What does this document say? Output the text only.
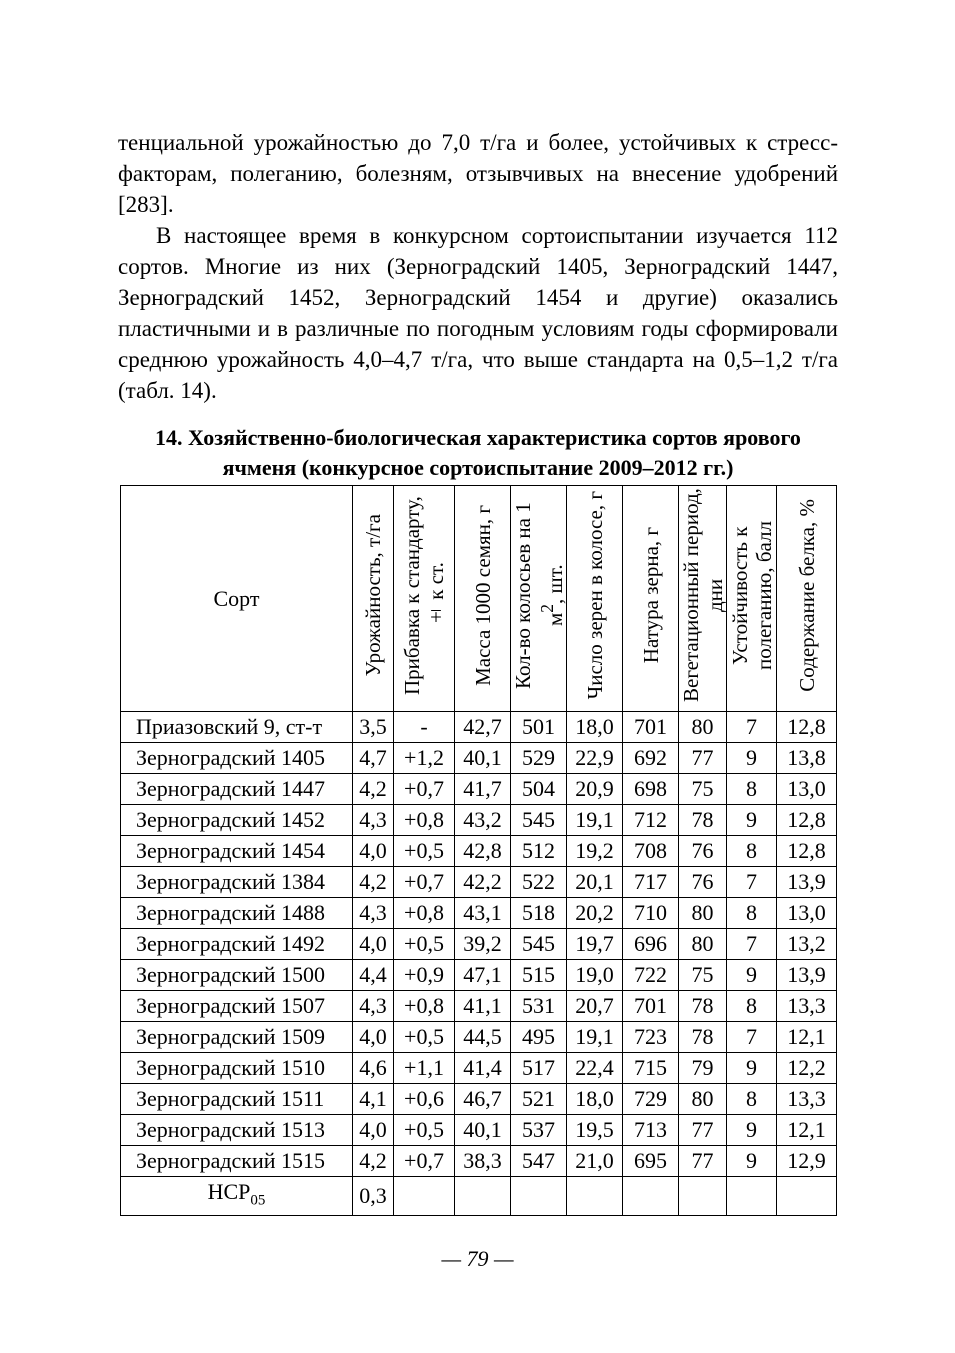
тенциальной урожайностью до 7,0 т/га и более, устойчивых к стресс-факторам, полеганию, болезням, отзывчивых на внесение удобрений [283].

В настоящее время в конкурсном сортоиспытании изучается 112 сортов. Многие из них (Зерноградский 1405, Зерноградский 1447, Зерноградский 1452, Зерноградский 1454 и другие) оказались пластичными и в различные по погодным условиям годы сформировали среднюю урожайность 4,0–4,7 т/га, что выше стандарта на 0,5–1,2 т/га (табл. 14).

14. Хозяйственно-биологическая характеристика сортов ярового
ячменя (конкурсное сортоиспытание 2009–2012 гг.)
Сорт	Урожайность, т/га	Прибавка к стандарту, ± к ст.	Масса 1000 семян, г	Кол-во колосьев на 1 $м^2$, шт.	Число зерен в колосе, г	Натура зерна, г	Вегетационный период, дни	Устойчивость к полеганию, балл	Содержание белка, %
Приазовский 9, ст-т	3,5	-	42,7	501	18,0	701	80	7	12,8
Зерноградский 1405	4,7	+1,2	40,1	529	22,9	692	77	9	13,8
Зерноградский 1447	4,2	+0,7	41,7	504	20,9	698	75	8	13,0
Зерноградский 1452	4,3	+0,8	43,2	545	19,1	712	78	9	12,8
Зерноградский 1454	4,0	+0,5	42,8	512	19,2	708	76	8	12,8
Зерноградский 1384	4,2	+0,7	42,2	522	20,1	717	76	7	13,9
Зерноградский 1488	4,3	+0,8	43,1	518	20,2	710	80	8	13,0
Зерноградский 1492	4,0	+0,5	39,2	545	19,7	696	80	7	13,2
Зерноградский 1500	4,4	+0,9	47,1	515	19,0	722	75	9	13,9
Зерноградский 1507	4,3	+0,8	41,1	531	20,7	701	78	8	13,3
Зерноградский 1509	4,0	+0,5	44,5	495	19,1	723	78	7	12,1
Зерноградский 1510	4,6	+1,1	41,4	517	22,4	715	79	9	12,2
Зерноградский 1511	4,1	+0,6	46,7	521	18,0	729	80	8	13,3
Зерноградский 1513	4,0	+0,5	40,1	537	19,5	713	77	9	12,1
Зерноградский 1515	4,2	+0,7	38,3	547	21,0	695	77	9	12,9
$НСР_{05}$	0,3								
— 79 —
